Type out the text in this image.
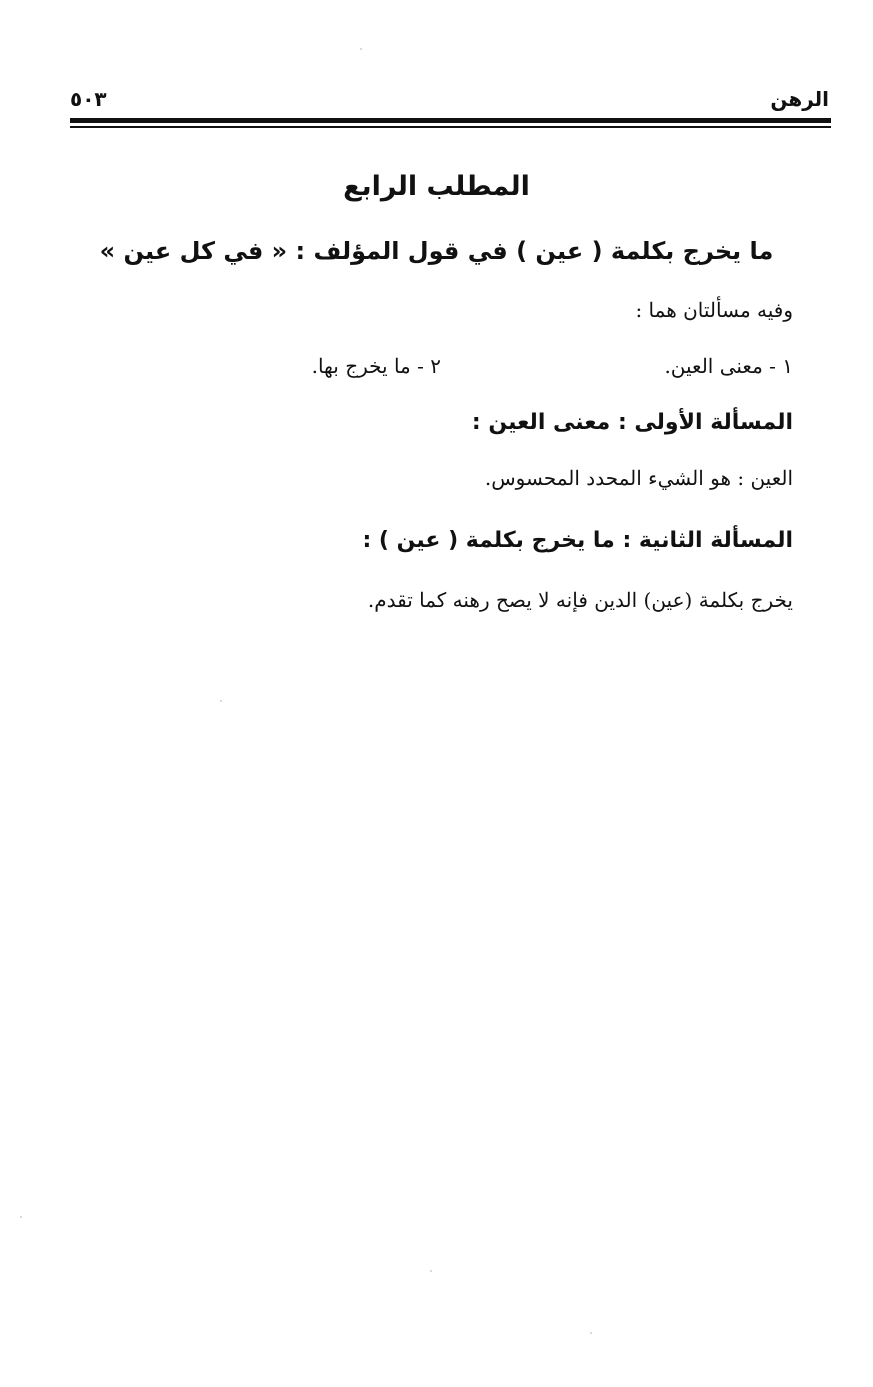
الرهن
٥٠٣
المطلب الرابع
ما يخرج بكلمة ( عين ) في قول المؤلف : « في كل عين »
وفيه مسألتان هما :
١ - معنى العين.
٢ - ما يخرج بها.
المسألة الأولى : معنى العين :
العين : هو الشيء المحدد المحسوس.
المسألة الثانية : ما يخرج بكلمة ( عين ) :
يخرج بكلمة (عين) الدين فإنه لا يصح رهنه كما تقدم.
